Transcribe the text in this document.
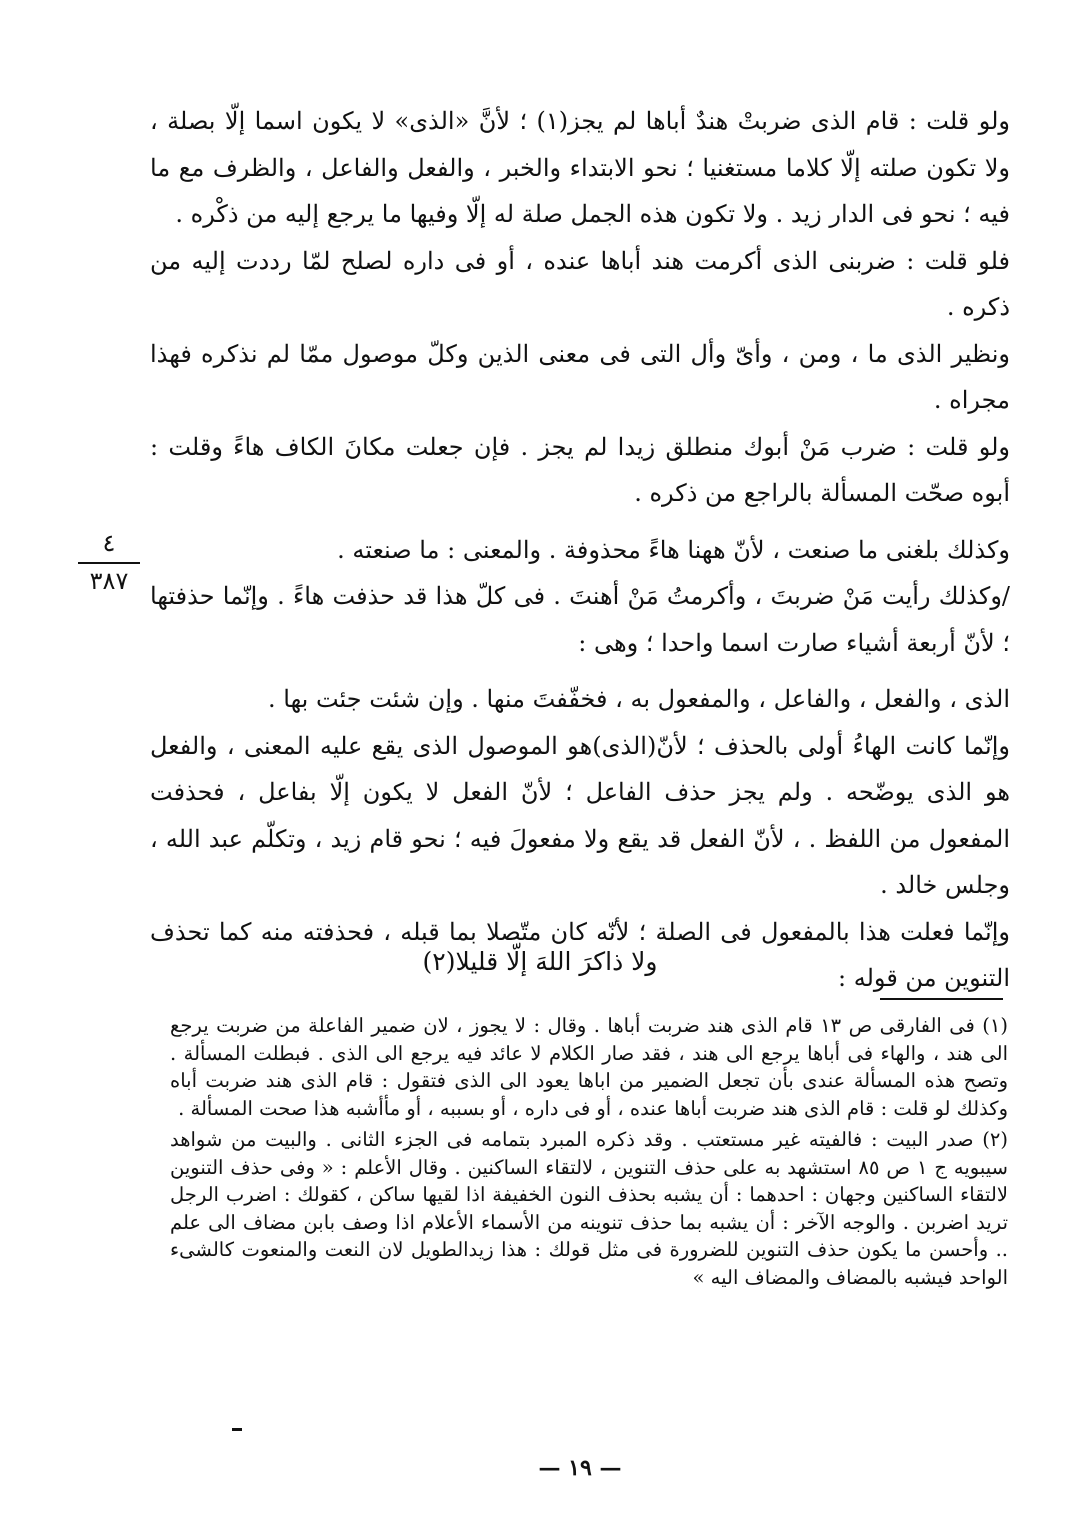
ولو قلت : قام الذى ضربتْ هندٌ أباها لم يجز(١) ؛ لأنَّ «الذى» لا يكون اسما إلّا بصلة ، ولا تكون صلته إلّا كلاما مستغنيا ؛ نحو الابتداء والخبر ، والفعل والفاعل ، والظرف مع ما فيه ؛ نحو فى الدار زيد . ولا تكون هذه الجمل صلة له إلّا وفيها ما يرجع إليه من ذكْره .

فلو قلت : ضربنى الذى أكرمت هند أباها عنده ، أو فى داره لصلح لمّا رددت إليه من ذكره .

ونظير الذى ما ، ومن ، وأىّ وأل التى فى معنى الذين وكلّ موصول ممّا لم نذكره فهذا مجراه .

ولو قلت : ضرب مَنْ أبوك منطلق زيدا لم يجز . فإن جعلت مكانَ الكاف هاءً وقلت : أبوه صحّت المسألة بالراجع من ذكره .

وكذلك بلغنى ما صنعت ، لأنّ ههنا هاءً محذوفة . والمعنى : ما صنعته .

/وكذلك رأيت مَنْ ضربتَ ، وأكرمتُ مَنْ أهنتَ . فى كلّ هذا قد حذفت هاءً . وإنّما حذفتها ؛ لأنّ أربعة أشياء صارت اسما واحدا ؛ وهى :

الذى ، والفعل ، والفاعل ، والمفعول به ، فخفّفتَ منها . وإن شئت جئت بها .

وإنّما كانت الهاءُ أولى بالحذف ؛ لأنّ(الذى)هو الموصول الذى يقع عليه المعنى ، والفعل هو الذى يوضّحه . ولم يجز حذف الفاعل ؛ لأنّ الفعل لا يكون إلّا بفاعل ، فحذفت المفعول من اللفظ . ، لأنّ الفعل قد يقع ولا مفعولَ فيه ؛ نحو قام زيد ، وتكلّم عبد الله ، وجلس خالد .

وإنّما فعلت هذا بالمفعول فى الصلة ؛ لأنّه كان متّصلا بما قبله ، فحذفته منه كما تحذف التنوين من قوله :

ولا ذاكرَ اللهَ إلّا قليلا(٢)
٤
٣٨٧

(١) فى الفارقى ص ١٣ قام الذى هند ضربت أباها . وقال : لا يجوز ، لان ضمير الفاعلة من ضربت يرجع الى هند ، والهاء فى أباها يرجع الى هند ، فقد صار الكلام لا عائد فيه يرجع الى الذى . فبطلت المسألة . وتصح هذه المسألة عندى بأن تجعل الضمير من اباها يعود الى الذى فتقول : قام الذى هند ضربت أباه وكذلك لو قلت : قام الذى هند ضربت أباها عنده ، أو فى داره ، أو بسببه ، أو مأأشبه هذا صحت المسألة .

(٢) صدر البيت : فالفيته غير مستعتب . وقد ذكره المبرد بتمامه فى الجزء الثانى . والبيت من شواهد سيبويه ج ١ ص ٨٥ استشهد به على حذف التنوين ، لالتقاء الساكنين . وقال الأعلم : « وفى حذف التنوين لالتقاء الساكنين وجهان : احدهما : أن يشبه بحذف النون الخفيفة اذا لقيها ساكن ، كقولك : اضرب الرجل تريد اضربن . والوجه الآخر : أن يشبه بما حذف تنوينه من الأسماء الأعلام اذا وصف بابن مضاف الى علم .. وأحسن ما يكون حذف التنوين للضرورة فى مثل قولك : هذا زيدالطويل لان النعت والمنعوت كالشىء الواحد فيشبه بالمضاف والمضاف اليه »

— ١٩ —
